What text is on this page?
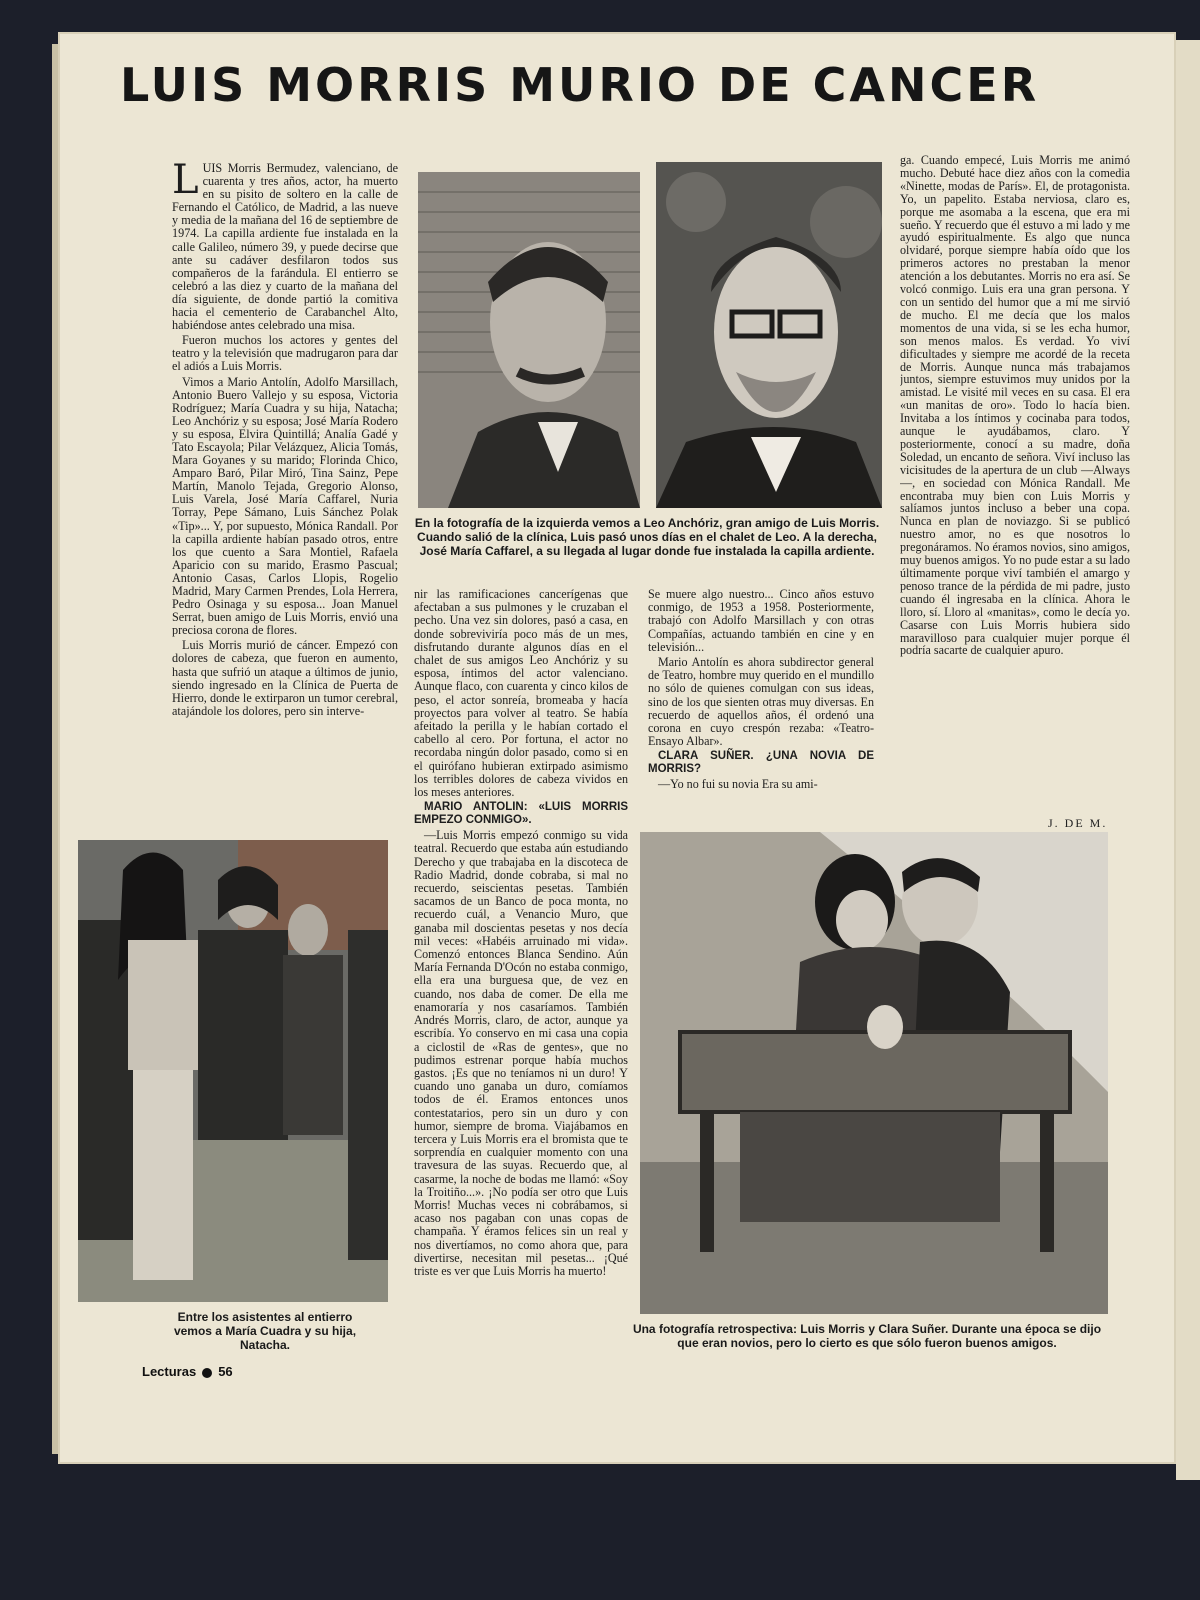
LUIS MORRIS MURIO DE CANCER

LUIS Morris Bermudez, valenciano, de cuarenta y tres años, actor, ha muerto en su pisito de soltero en la calle de Fernando el Católico, de Madrid, a las nueve y media de la mañana del 16 de septiembre de 1974. La capilla ardiente fue instalada en la calle Galileo, número 39, y puede decirse que ante su cadáver desfilaron todos sus compañeros de la farándula. El entierro se celebró a las diez y cuarto de la mañana del día siguiente, de donde partió la comitiva hacia el cementerio de Carabanchel Alto, habiéndose antes celebrado una misa.

Fueron muchos los actores y gentes del teatro y la televisión que madrugaron para dar el adiós a Luis Morris.

Vimos a Mario Antolín, Adolfo Marsillach, Antonio Buero Vallejo y su esposa, Victoria Rodríguez; María Cuadra y su hija, Natacha; Leo Anchóriz y su esposa; José María Rodero y su esposa, Elvira Quintillá; Analía Gadé y Tato Escayola; Pilar Velázquez, Alicia Tomás, Mara Goyanes y su marido; Florinda Chico, Amparo Baró, Pilar Miró, Tina Sainz, Pepe Martín, Manolo Tejada, Gregorio Alonso, Luis Varela, José María Caffarel, Nuria Torray, Pepe Sámano, Luis Sánchez Polak «Tip»... Y, por supuesto, Mónica Randall. Por la capilla ardiente habían pasado otros, entre los que cuento a Sara Montiel, Rafaela Aparicio con su marido, Erasmo Pascual; Antonio Casas, Carlos Llopis, Rogelio Madrid, Mary Carmen Prendes, Lola Herrera, Pedro Osinaga y su esposa... Joan Manuel Serrat, buen amigo de Luis Morris, envió una preciosa corona de flores.

Luis Morris murió de cáncer. Empezó con dolores de cabeza, que fueron en aumento, hasta que sufrió un ataque a últimos de junio, siendo ingresado en la Clínica de Puerta de Hierro, donde le extirparon un tumor cerebral, atajándole los dolores, pero sin interve-

En la fotografía de la izquierda vemos a Leo Anchóriz, gran amigo de Luis Morris. Cuando salió de la clínica, Luis pasó unos días en el chalet de Leo. A la derecha, José María Caffarel, a su llegada al lugar donde fue instalada la capilla ardiente.

nir las ramificaciones cancerígenas que afectaban a sus pulmones y le cruzaban el pecho. Una vez sin dolores, pasó a casa, en donde sobreviviría poco más de un mes, disfrutando durante algunos días en el chalet de sus amigos Leo Anchóriz y su esposa, íntimos del actor valenciano. Aunque flaco, con cuarenta y cinco kilos de peso, el actor sonreía, bromeaba y hacía proyectos para volver al teatro. Se había afeitado la perilla y le habían cortado el cabello al cero. Por fortuna, el actor no recordaba ningún dolor pasado, como si en el quirófano hubieran extirpado asimismo los terribles dolores de cabeza vividos en los meses anteriores.

MARIO ANTOLIN: «LUIS MORRIS EMPEZO CONMIGO».

—Luis Morris empezó conmigo su vida teatral. Recuerdo que estaba aún estudiando Derecho y que trabajaba en la discoteca de Radio Madrid, donde cobraba, si mal no recuerdo, seiscientas pesetas. También sacamos de un Banco de poca monta, no recuerdo cuál, a Venancio Muro, que ganaba mil doscientas pesetas y nos decía mil veces: «Habéis arruinado mi vida». Comenzó entonces Blanca Sendino. Aún María Fernanda D'Ocón no estaba conmigo, ella era una burguesa que, de vez en cuando, nos daba de comer. De ella me enamoraría y nos casaríamos. También Andrés Morris, claro, de actor, aunque ya escribía. Yo conservo en mi casa una copia a ciclostil de «Ras de gentes», que no pudimos estrenar porque había muchos gastos. ¡Es que no teníamos ni un duro! Y cuando uno ganaba un duro, comíamos todos de él. Eramos entonces unos contestatarios, pero sin un duro y con humor, siempre de broma. Viajábamos en tercera y Luis Morris era el bromista que te sorprendía en cualquier momento con una travesura de las suyas. Recuerdo que, al casarme, la noche de bodas me llamó: «Soy la Troitiño...». ¡No podía ser otro que Luis Morris! Muchas veces ni cobrábamos, si acaso nos pagaban con unas copas de champaña. Y éramos felices sin un real y nos divertíamos, no como ahora que, para divertirse, necesitan mil pesetas... ¡Qué triste es ver que Luis Morris ha muerto!

Se muere algo nuestro... Cinco años estuvo conmigo, de 1953 a 1958. Posteriormente, trabajó con Adolfo Marsillach y con otras Compañías, actuando también en cine y en televisión...

Mario Antolín es ahora subdirector general de Teatro, hombre muy querido en el mundillo no sólo de quienes comulgan con sus ideas, sino de los que sienten otras muy diversas. En recuerdo de aquellos años, él ordenó una corona en cuyo crespón rezaba: «Teatro-Ensayo Albar».

CLARA SUÑER. ¿UNA NOVIA DE MORRIS?

—Yo no fui su novia Era su ami-

ga. Cuando empecé, Luis Morris me animó mucho. Debuté hace diez años con la comedia «Ninette, modas de París». El, de protagonista. Yo, un papelito. Estaba nerviosa, claro es, porque me asomaba a la escena, que era mi sueño. Y recuerdo que él estuvo a mi lado y me ayudó espiritualmente. Es algo que nunca olvidaré, porque siempre había oído que los primeros actores no prestaban la menor atención a los debutantes. Morris no era así. Se volcó conmigo. Luis era una gran persona. Y con un sentido del humor que a mí me sirvió de mucho. El me decía que los malos momentos de una vida, si se les echa humor, son menos malos. Es verdad. Yo viví dificultades y siempre me acordé de la receta de Morris. Aunque nunca más trabajamos juntos, siempre estuvimos muy unidos por la amistad. Le visité mil veces en su casa. El era «un manitas de oro». Todo lo hacía bien. Invitaba a los íntimos y cocinaba para todos, aunque le ayudábamos, claro. Y posteriormente, conocí a su madre, doña Soledad, un encanto de señora. Viví incluso las vicisitudes de la apertura de un club —Always—, en sociedad con Mónica Randall. Me encontraba muy bien con Luis Morris y salíamos juntos incluso a beber una copa. Nunca en plan de noviazgo. Si se publicó nuestro amor, no es que nosotros lo pregonáramos. No éramos novios, sino amigos, muy buenos amigos. Yo no pude estar a su lado últimamente porque viví también el amargo y penoso trance de la pérdida de mi padre, justo cuando él ingresaba en la clínica. Ahora le lloro, sí. Lloro al «manitas», como le decía yo. Casarse con Luis Morris hubiera sido maravilloso para cualquier mujer porque él podría sacarte de cualquier apuro.

J. DE M.
Entre los asistentes al entierro vemos a María Cuadra y su hija, Natacha.
Una fotografía retrospectiva: Luis Morris y Clara Suñer. Durante una época se dijo que eran novios, pero lo cierto es que sólo fueron buenos amigos.
Lecturas 56
